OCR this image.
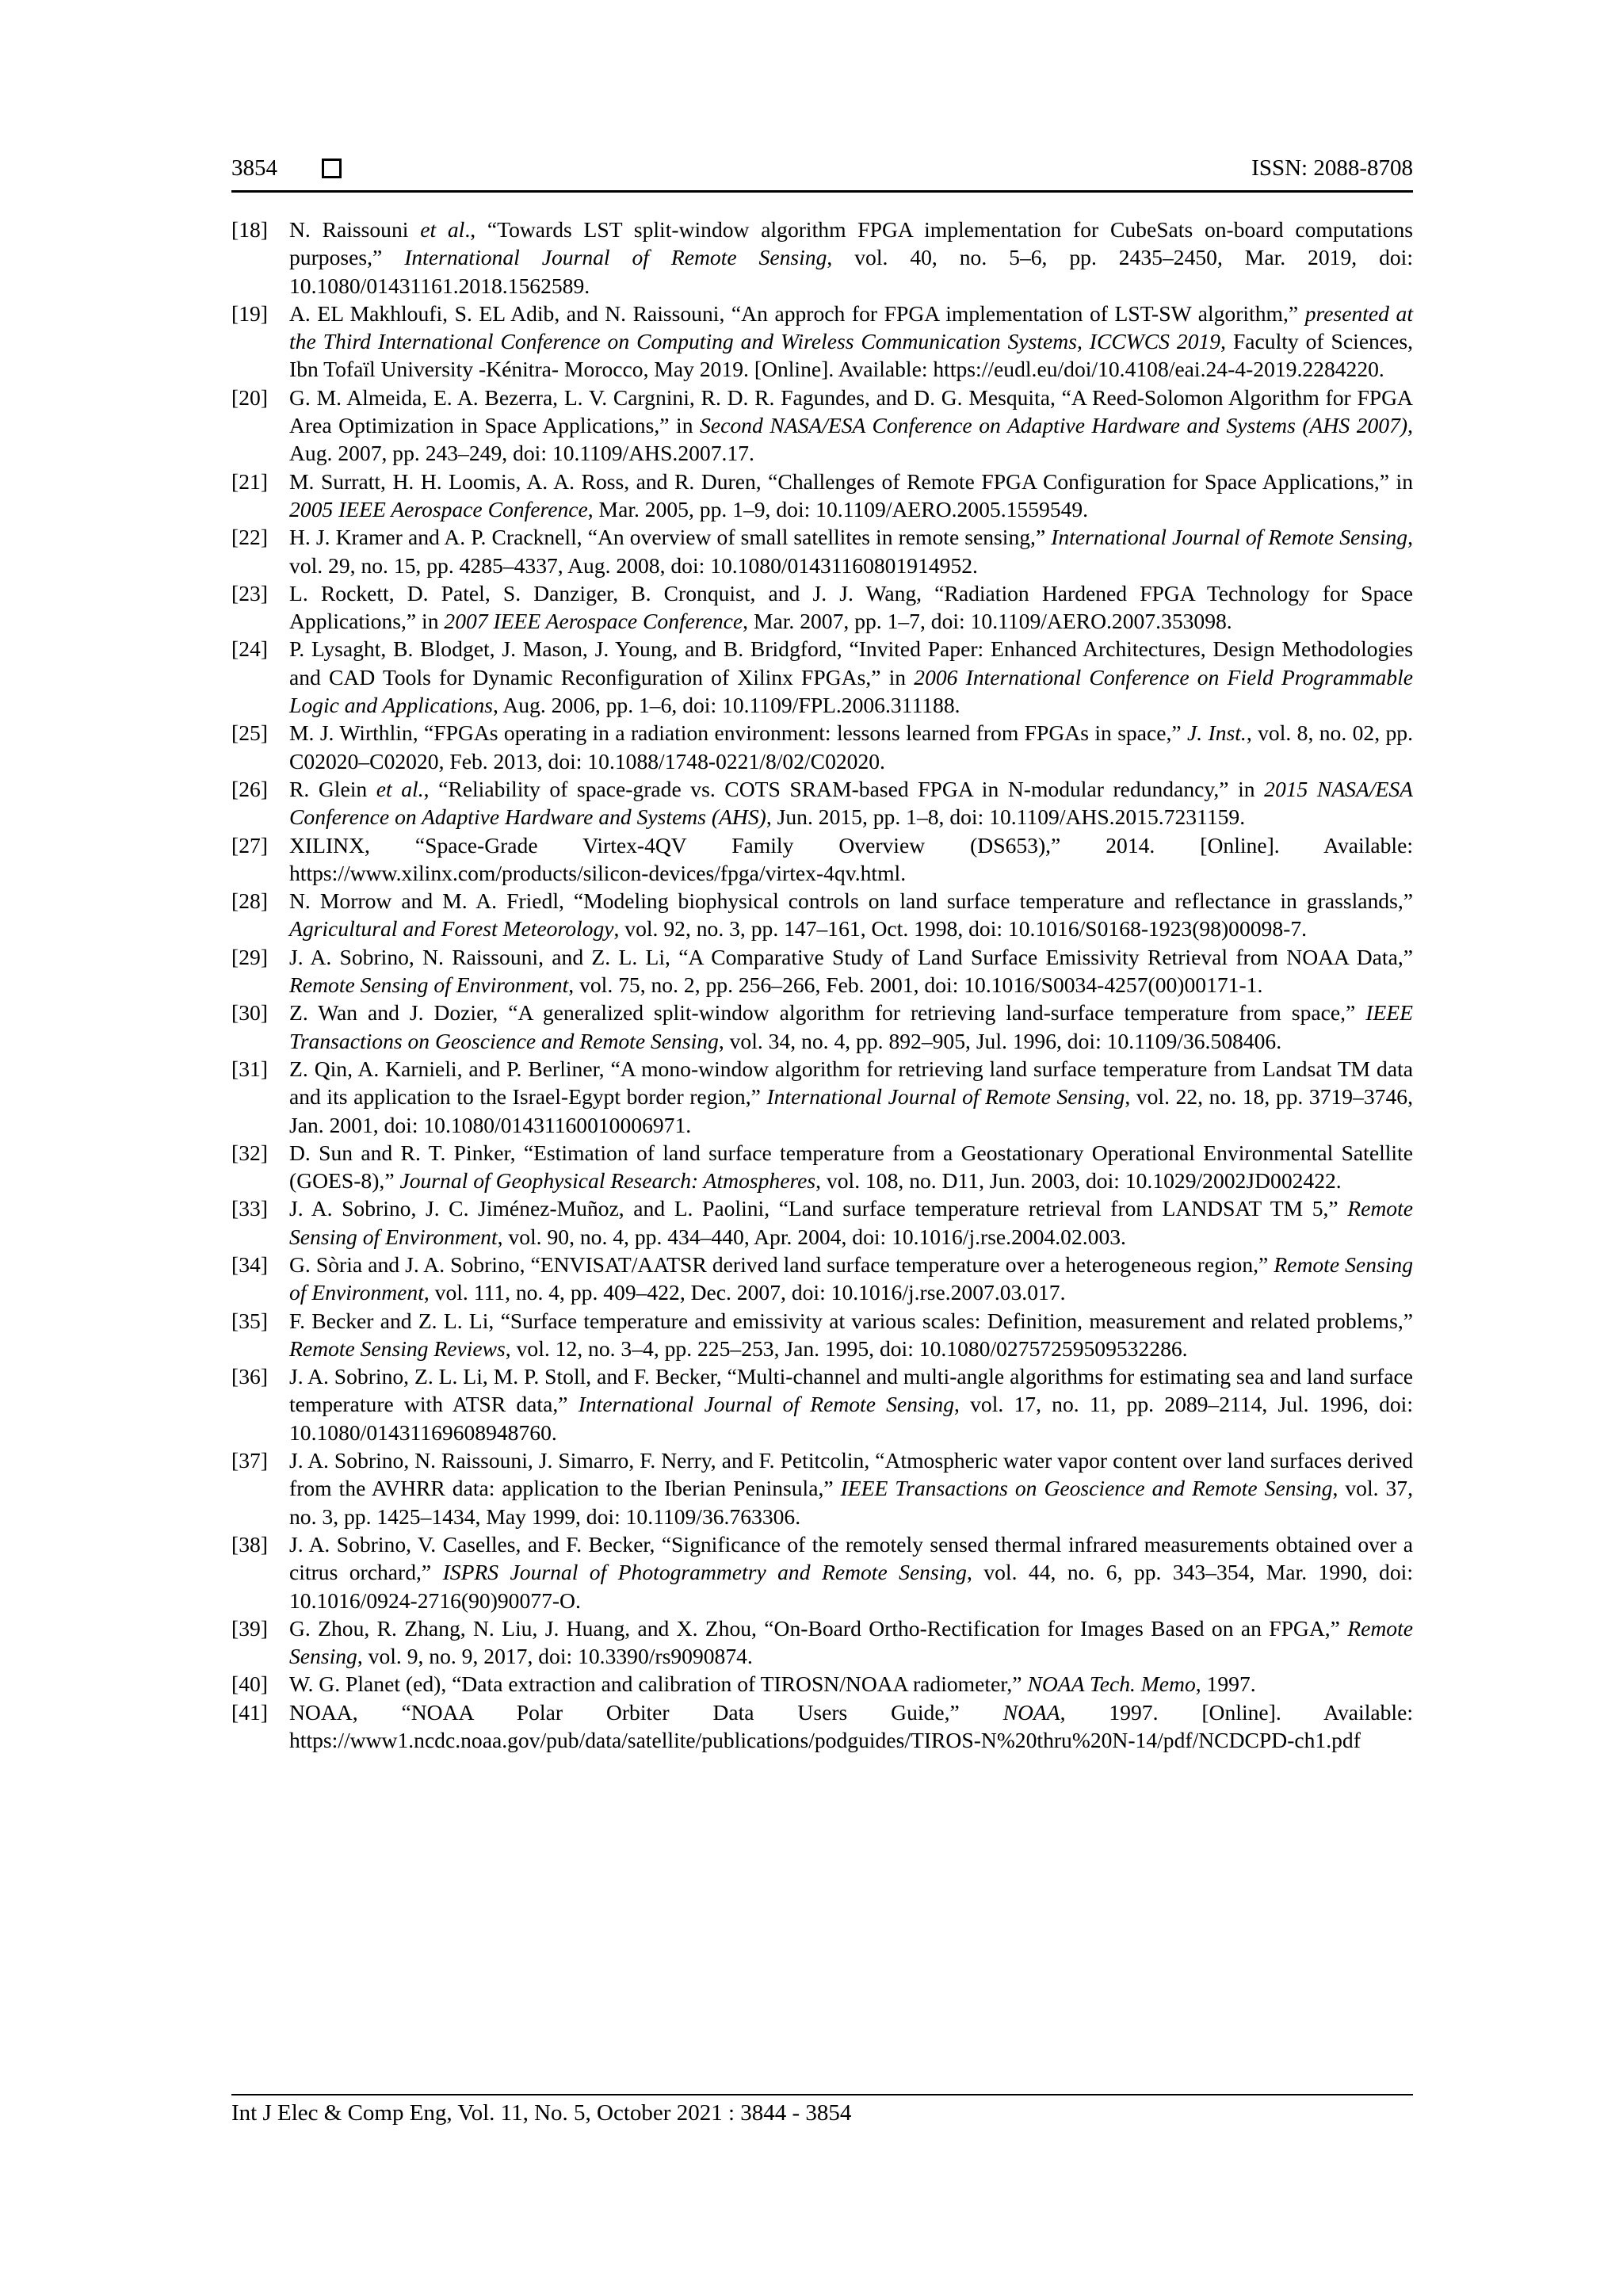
3854	ISSN: 2088-8708

[18] N. Raissouni et al., “Towards LST split-window algorithm FPGA implementation for CubeSats on-board computations purposes,” International Journal of Remote Sensing, vol. 40, no. 5–6, pp. 2435–2450, Mar. 2019, doi: 10.1080/01431161.2018.1562589.

[19] A. EL Makhloufi, S. EL Adib, and N. Raissouni, “An approch for FPGA implementation of LST-SW algorithm,” presented at the Third International Conference on Computing and Wireless Communication Systems, ICCWCS 2019, Faculty of Sciences, Ibn Tofaïl University -Kénitra- Morocco, May 2019. [Online]. Available: https://eudl.eu/doi/10.4108/eai.24-4-2019.2284220.

[20] G. M. Almeida, E. A. Bezerra, L. V. Cargnini, R. D. R. Fagundes, and D. G. Mesquita, “A Reed-Solomon Algorithm for FPGA Area Optimization in Space Applications,” in Second NASA/ESA Conference on Adaptive Hardware and Systems (AHS 2007), Aug. 2007, pp. 243–249, doi: 10.1109/AHS.2007.17.

[21] M. Surratt, H. H. Loomis, A. A. Ross, and R. Duren, “Challenges of Remote FPGA Configuration for Space Applications,” in 2005 IEEE Aerospace Conference, Mar. 2005, pp. 1–9, doi: 10.1109/AERO.2005.1559549.

[22] H. J. Kramer and A. P. Cracknell, “An overview of small satellites in remote sensing,” International Journal of Remote Sensing, vol. 29, no. 15, pp. 4285–4337, Aug. 2008, doi: 10.1080/01431160801914952.

[23] L. Rockett, D. Patel, S. Danziger, B. Cronquist, and J. J. Wang, “Radiation Hardened FPGA Technology for Space Applications,” in 2007 IEEE Aerospace Conference, Mar. 2007, pp. 1–7, doi: 10.1109/AERO.2007.353098.

[24] P. Lysaght, B. Blodget, J. Mason, J. Young, and B. Bridgford, “Invited Paper: Enhanced Architectures, Design Methodologies and CAD Tools for Dynamic Reconfiguration of Xilinx FPGAs,” in 2006 International Conference on Field Programmable Logic and Applications, Aug. 2006, pp. 1–6, doi: 10.1109/FPL.2006.311188.

[25] M. J. Wirthlin, “FPGAs operating in a radiation environment: lessons learned from FPGAs in space,” J. Inst., vol. 8, no. 02, pp. C02020–C02020, Feb. 2013, doi: 10.1088/1748-0221/8/02/C02020.

[26] R. Glein et al., “Reliability of space-grade vs. COTS SRAM-based FPGA in N-modular redundancy,” in 2015 NASA/ESA Conference on Adaptive Hardware and Systems (AHS), Jun. 2015, pp. 1–8, doi: 10.1109/AHS.2015.7231159.

[27] XILINX, “Space-Grade Virtex-4QV Family Overview (DS653),” 2014. [Online]. Available: https://www.xilinx.com/products/silicon-devices/fpga/virtex-4qv.html.

[28] N. Morrow and M. A. Friedl, “Modeling biophysical controls on land surface temperature and reflectance in grasslands,” Agricultural and Forest Meteorology, vol. 92, no. 3, pp. 147–161, Oct. 1998, doi: 10.1016/S0168-1923(98)00098-7.

[29] J. A. Sobrino, N. Raissouni, and Z. L. Li, “A Comparative Study of Land Surface Emissivity Retrieval from NOAA Data,” Remote Sensing of Environment, vol. 75, no. 2, pp. 256–266, Feb. 2001, doi: 10.1016/S0034-4257(00)00171-1.

[30] Z. Wan and J. Dozier, “A generalized split-window algorithm for retrieving land-surface temperature from space,” IEEE Transactions on Geoscience and Remote Sensing, vol. 34, no. 4, pp. 892–905, Jul. 1996, doi: 10.1109/36.508406.

[31] Z. Qin, A. Karnieli, and P. Berliner, “A mono-window algorithm for retrieving land surface temperature from Landsat TM data and its application to the Israel-Egypt border region,” International Journal of Remote Sensing, vol. 22, no. 18, pp. 3719–3746, Jan. 2001, doi: 10.1080/01431160010006971.

[32] D. Sun and R. T. Pinker, “Estimation of land surface temperature from a Geostationary Operational Environmental Satellite (GOES-8),” Journal of Geophysical Research: Atmospheres, vol. 108, no. D11, Jun. 2003, doi: 10.1029/2002JD002422.

[33] J. A. Sobrino, J. C. Jiménez-Muñoz, and L. Paolini, “Land surface temperature retrieval from LANDSAT TM 5,” Remote Sensing of Environment, vol. 90, no. 4, pp. 434–440, Apr. 2004, doi: 10.1016/j.rse.2004.02.003.

[34] G. Sòria and J. A. Sobrino, “ENVISAT/AATSR derived land surface temperature over a heterogeneous region,” Remote Sensing of Environment, vol. 111, no. 4, pp. 409–422, Dec. 2007, doi: 10.1016/j.rse.2007.03.017.

[35] F. Becker and Z. L. Li, “Surface temperature and emissivity at various scales: Definition, measurement and related problems,” Remote Sensing Reviews, vol. 12, no. 3–4, pp. 225–253, Jan. 1995, doi: 10.1080/02757259509532286.

[36] J. A. Sobrino, Z. L. Li, M. P. Stoll, and F. Becker, “Multi-channel and multi-angle algorithms for estimating sea and land surface temperature with ATSR data,” International Journal of Remote Sensing, vol. 17, no. 11, pp. 2089–2114, Jul. 1996, doi: 10.1080/01431169608948760.

[37] J. A. Sobrino, N. Raissouni, J. Simarro, F. Nerry, and F. Petitcolin, “Atmospheric water vapor content over land surfaces derived from the AVHRR data: application to the Iberian Peninsula,” IEEE Transactions on Geoscience and Remote Sensing, vol. 37, no. 3, pp. 1425–1434, May 1999, doi: 10.1109/36.763306.

[38] J. A. Sobrino, V. Caselles, and F. Becker, “Significance of the remotely sensed thermal infrared measurements obtained over a citrus orchard,” ISPRS Journal of Photogrammetry and Remote Sensing, vol. 44, no. 6, pp. 343–354, Mar. 1990, doi: 10.1016/0924-2716(90)90077-O.

[39] G. Zhou, R. Zhang, N. Liu, J. Huang, and X. Zhou, “On-Board Ortho-Rectification for Images Based on an FPGA,” Remote Sensing, vol. 9, no. 9, 2017, doi: 10.3390/rs9090874.

[40] W. G. Planet (ed), “Data extraction and calibration of TIROSN/NOAA radiometer,” NOAA Tech. Memo, 1997.

[41] NOAA, “NOAA Polar Orbiter Data Users Guide,” NOAA, 1997. [Online]. Available: https://www1.ncdc.noaa.gov/pub/data/satellite/publications/podguides/TIROS-N%20thru%20N-14/pdf/NCDCPD-ch1.pdf

Int J Elec & Comp Eng, Vol. 11, No. 5, October 2021 : 3844 - 3854
